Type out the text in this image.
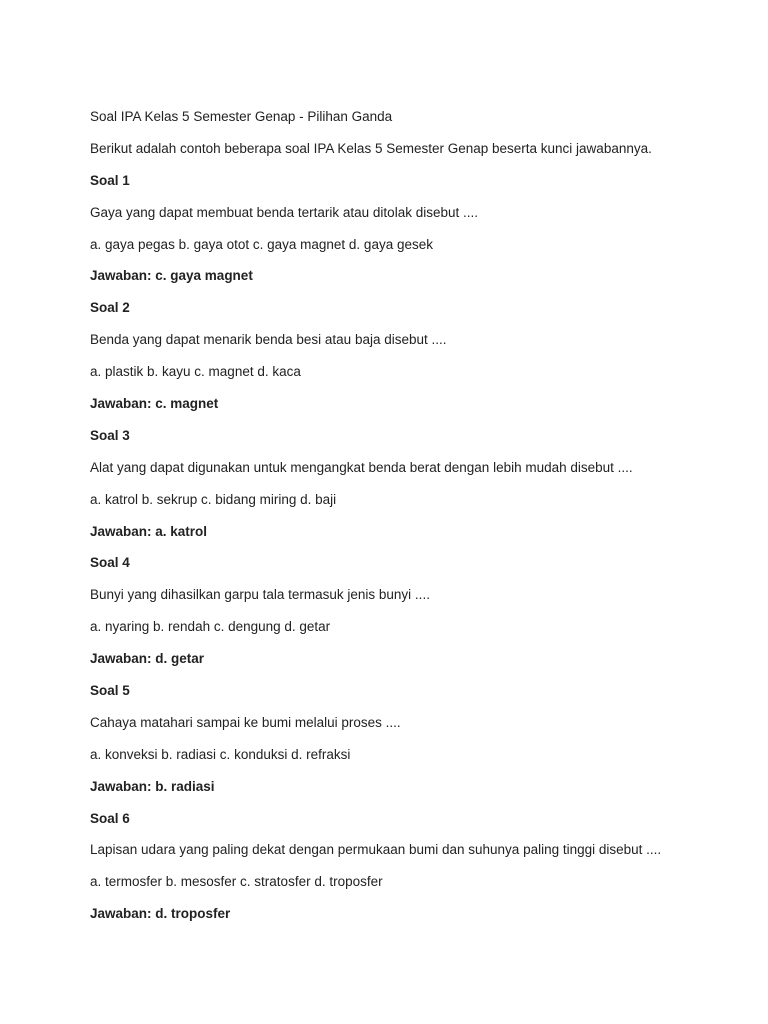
Soal IPA Kelas 5 Semester Genap - Pilihan Ganda
Berikut adalah contoh beberapa soal IPA Kelas 5 Semester Genap beserta kunci jawabannya.
Soal 1
Gaya yang dapat membuat benda tertarik atau ditolak disebut ....
a. gaya pegas b. gaya otot c. gaya magnet d. gaya gesek
Jawaban: c. gaya magnet
Soal 2
Benda yang dapat menarik benda besi atau baja disebut ....
a. plastik b. kayu c. magnet d. kaca
Jawaban: c. magnet
Soal 3
Alat yang dapat digunakan untuk mengangkat benda berat dengan lebih mudah disebut ....
a. katrol b. sekrup c. bidang miring d. baji
Jawaban: a. katrol
Soal 4
Bunyi yang dihasilkan garpu tala termasuk jenis bunyi ....
a. nyaring b. rendah c. dengung d. getar
Jawaban: d. getar
Soal 5
Cahaya matahari sampai ke bumi melalui proses ....
a. konveksi b. radiasi c. konduksi d. refraksi
Jawaban: b. radiasi
Soal 6
Lapisan udara yang paling dekat dengan permukaan bumi dan suhunya paling tinggi disebut ....
a. termosfer b. mesosfer c. stratosfer d. troposfer
Jawaban: d. troposfer
